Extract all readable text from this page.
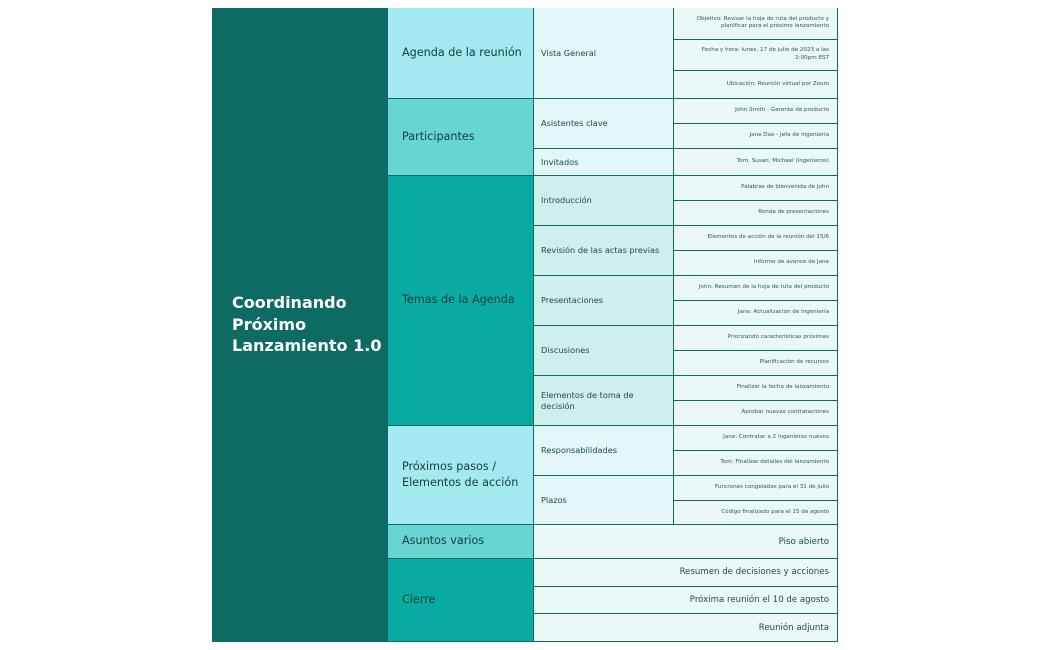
Coordinando
Próximo
Lanzamiento 1.0
Objetivo: Revisar la hoja de ruta del producto y planificar para el próximo lanzamiento
Fecha y hora: lunes, 17 de julio de 2023 a las 2:00pm EST
Ubicación: Reunión virtual por Zoom
Vista General
Agenda de la reunión
John Smith - Gerente de producto
Jane Doe - Jefa de ingeniería
Asistentes clave
Tom, Susan, Michael (ingenieros)
Invitados
Participantes
Palabras de bienvenida de John
Ronda de presentaciones
Introducción
Elementos de acción de la reunión del 15/6
Informe de avance de Jane
Revisión de las actas previas
John: Resumen de la hoja de ruta del producto
Jane: Actualización de ingeniería
Presentaciones
Priorizando características próximas
Planificación de recursos
Discusiones
Finalizar la fecha de lanzamiento
Aprobar nuevas contrataciones
Elementos de toma de decisión
Temas de la Agenda
Jane: Contratar a 2 ingenieros nuevos
Tom: Finalizar detalles del lanzamiento
Responsabilidades
Funciones congeladas para el 31 de julio
Código finalizado para el 15 de agosto
Plazos
Próximos pasos /
Elementos de acción
Asuntos varios	Piso abierto
Cierre
Resumen de decisiones y acciones
Próxima reunión el 10 de agosto
Reunión adjunta
